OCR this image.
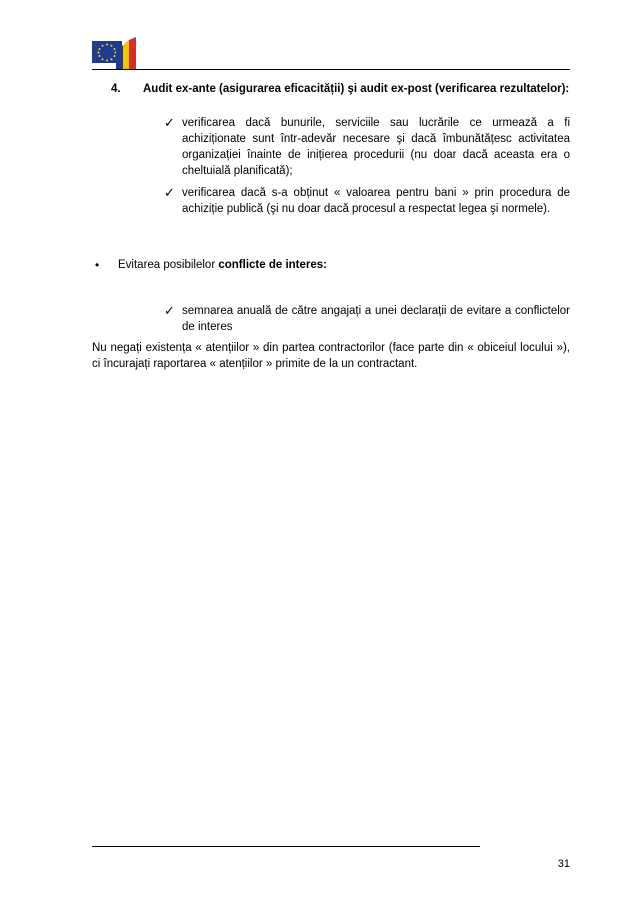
4. Audit ex-ante (asigurarea eficacității) şi audit ex-post (verificarea rezultatelor):
✓ verificarea dacă bunurile, serviciile sau lucrările ce urmează a fi achiziționate sunt într-adevăr necesare şi dacă îmbunătățesc activitatea organizației înainte de inițierea procedurii (nu doar dacă aceasta era o cheltuială planificată);
✓ verificarea dacă s-a obținut « valoarea pentru bani » prin procedura de achiziție publică (şi nu doar dacă procesul a respectat legea şi normele).
• Evitarea posibilelor conflicte de interes:
✓ semnarea anuală de către angajați a unei declarații de evitare a conflictelor de interes
Nu negați existența « atențiilor » din partea contractorilor (face parte din « obiceiul locului »), ci încurajați raportarea « atențiilor » primite de la un contractant.
31
